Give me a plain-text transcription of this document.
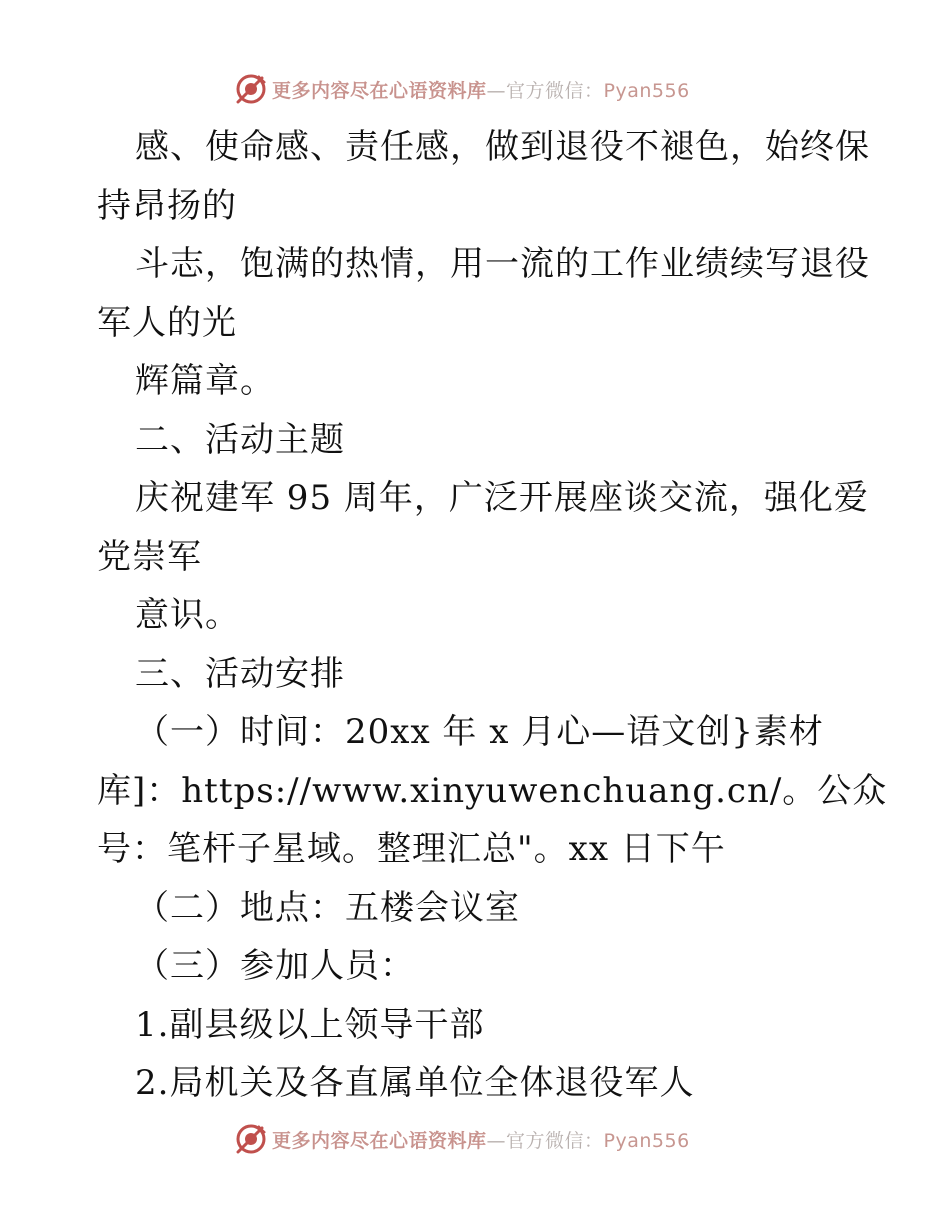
更多内容尽在心语资料库—官方微信：Pyan556
感、使命感、责任感，做到退役不褪色，始终保
持昂扬的
斗志，饱满的热情，用一流的工作业绩续写退役
军人的光
辉篇章。
二、活动主题
庆祝建军 95 周年，广泛开展座谈交流，强化爱
党崇军
意识。
三、活动安排
（一）时间：20xx 年 x 月心—语文创}素材
库]：https://www.xinyuwenchuang.cn/。公众
号：笔杆子星域。整理汇总"。xx 日下午
（二）地点：五楼会议室
（三）参加人员：
1.副县级以上领导干部
2.局机关及各直属单位全体退役军人
更多内容尽在心语资料库—官方微信：Pyan556
